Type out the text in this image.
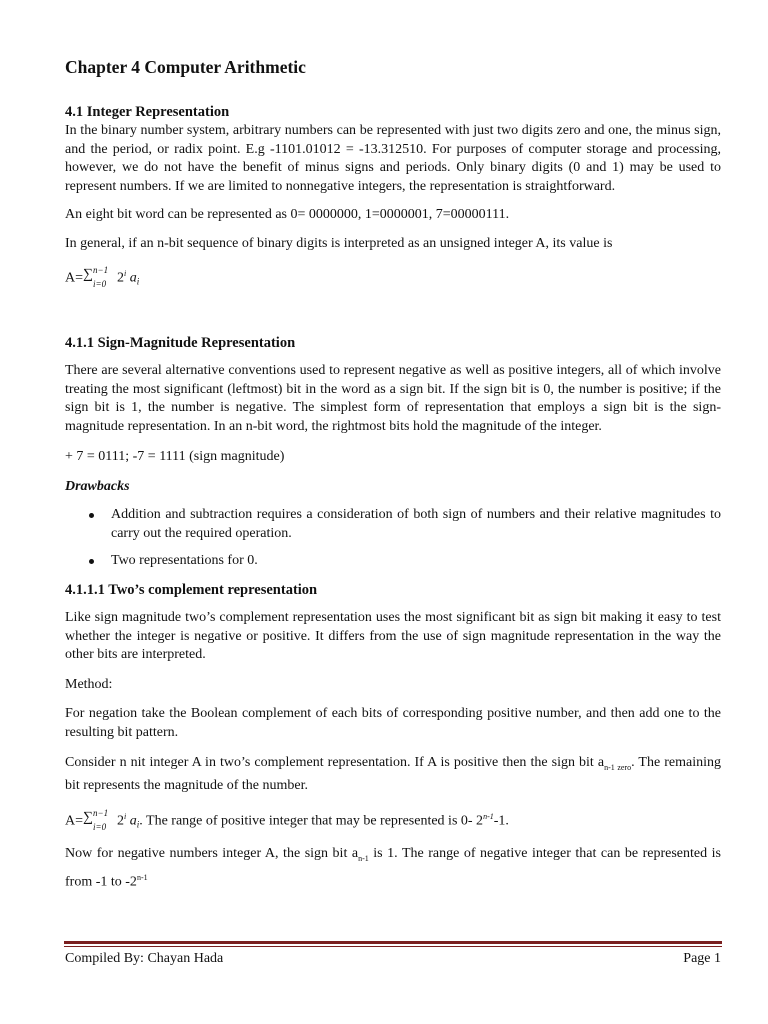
Chapter 4 Computer Arithmetic
4.1 Integer Representation

In the binary number system, arbitrary numbers can be represented with just two digits zero and one, the minus sign, and the period, or radix point. E.g -1101.01012 = -13.312510. For purposes of computer storage and processing, however, we do not have the benefit of minus signs and periods. Only binary digits (0 and 1) may be used to represent numbers. If we are limited to nonnegative integers, the representation is straightforward.

An eight bit word can be represented as 0= 0000000, 1=0000001, 7=00000111.

In general, if an n-bit sequence of binary digits is interpreted as an unsigned integer A, its value is

A= ∑ n−1
i=0 2$^i$ $a_i$
4.1.1 Sign-Magnitude Representation

There are several alternative conventions used to represent negative as well as positive integers, all of which involve treating the most significant (leftmost) bit in the word as a sign bit. If the sign bit is 0, the number is positive; if the sign bit is 1, the number is negative. The simplest form of representation that employs a sign bit is the sign-magnitude representation. In an n-bit word, the rightmost bits hold the magnitude of the integer.

+ 7 = 0111; -7 = 1111 (sign magnitude)

Drawbacks
Addition and subtraction requires a consideration of both sign of numbers and their relative magnitudes to carry out the required operation.
Two representations for 0.
4.1.1.1 Two’s complement representation

Like sign magnitude two’s complement representation uses the most significant bit as sign bit making it easy to test whether the integer is negative or positive. It differs from the use of sign magnitude representation in the way the other bits are interpreted.

Method:

For negation take the Boolean complement of each bits of corresponding positive number, and then add one to the resulting bit pattern.

Consider n nit integer A in two’s complement representation. If A is positive then the sign bit $a_{n-1 zero}$. The remaining bit represents the magnitude of the number.

A= ∑ n−1
i=0 2$^i$ $a_i$. The range of positive integer that may be represented is 0- 2$^{n-1}$-1.

Now for negative numbers integer A, the sign bit $a_{n-1}$ is 1. The range of negative integer that can be represented is from -1 to -2$^{n-1}$

Compiled By: Chayan Hada	Page 1
